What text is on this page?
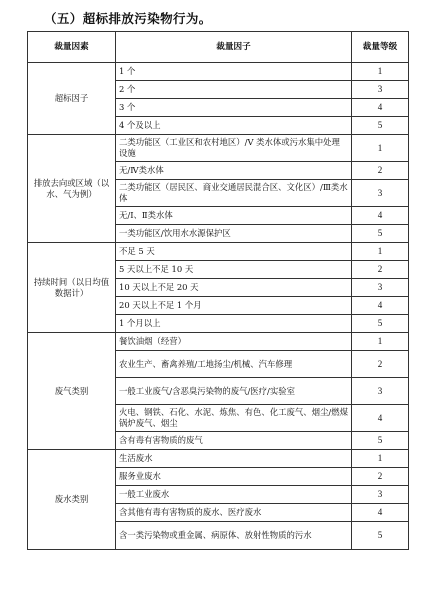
（五）超标排放污染物行为。
裁量因素	裁量因子	裁量等级
超标因子	1 个	1
	2 个	3
	3 个	4
	4 个及以上	5
排放去向或区域（以水、气为例）	二类功能区（工业区和农村地区）/V 类水体或污水集中处理设施	1
	无/Ⅳ类水体	2
	二类功能区（居民区、商业交通居民混合区、文化区）/Ⅲ类水体	3
	无/Ⅰ、Ⅱ类水体	4
	一类功能区/饮用水水源保护区	5
持续时间（以日均值数据计）	不足 5 天	1
	5 天以上不足 10 天	2
	10 天以上不足 20 天	3
	20 天以上不足 1 个月	4
	1 个月以上	5
废气类别	餐饮油烟（经营）	1
	农业生产、畜禽养殖/工地扬尘/机械、汽车修理	2
	一般工业废气/含恶臭污染物的废气/医疗/实验室	3
	火电、钢铁、石化、水泥、炼焦、有色、化工废气、烟尘/燃煤锅炉废气、烟尘	4
	含有毒有害物质的废气	5
废水类别	生活废水	1
	服务业废水	2
	一般工业废水	3
	含其他有毒有害物质的废水、医疗废水	4
	含一类污染物或重金属、病原体、放射性物质的污水	5
